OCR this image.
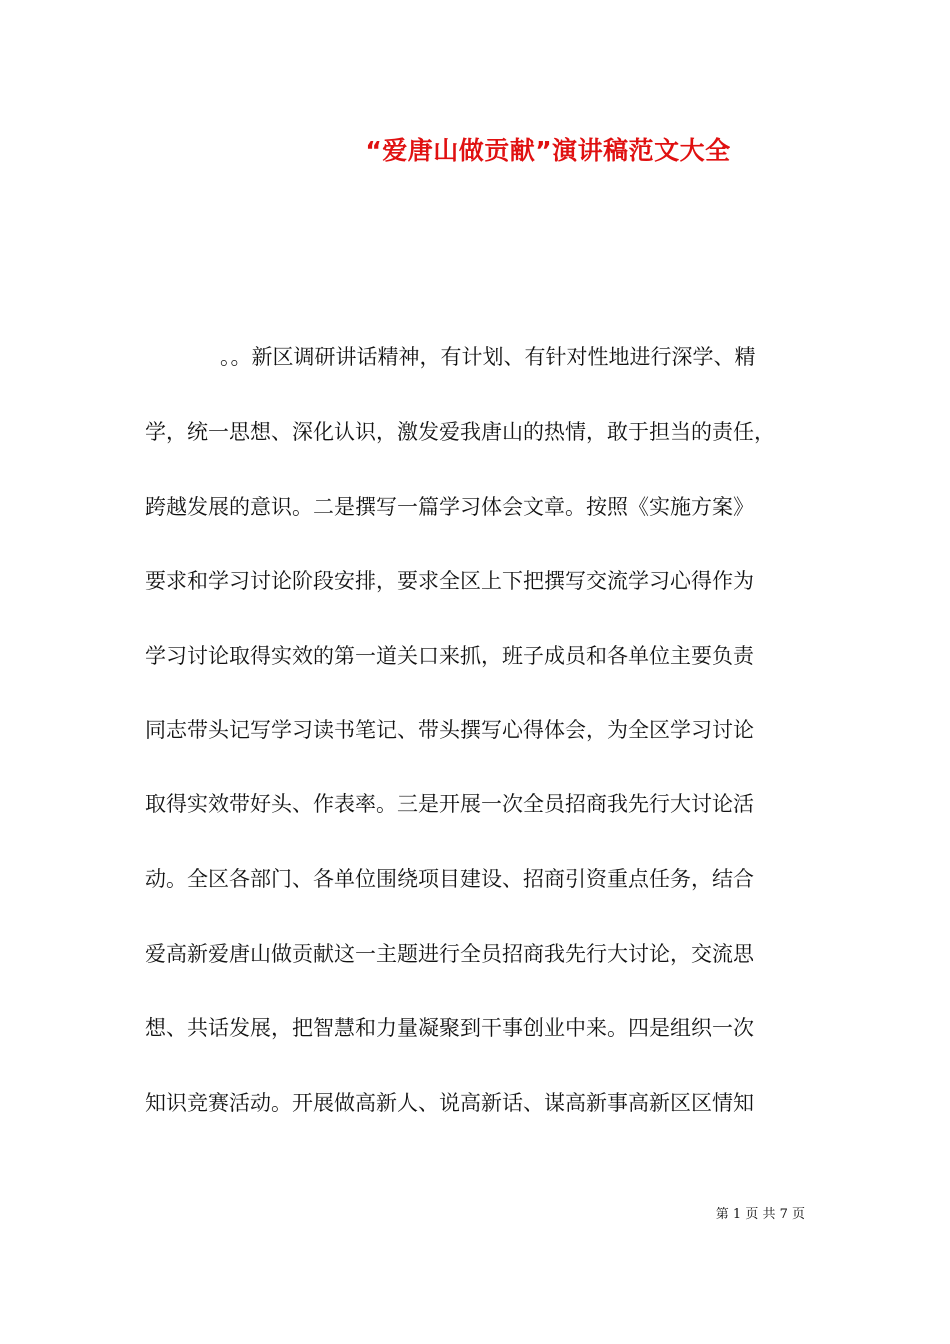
“爱唐山做贡献”演讲稿范文大全
。。新区调研讲话精神，有计划、有针对性地进行深学、精
学，统一思想、深化认识，激发爱我唐山的热情，敢于担当的责任，
跨越发展的意识。二是撰写一篇学习体会文章。按照《实施方案》
要求和学习讨论阶段安排，要求全区上下把撰写交流学习心得作为
学习讨论取得实效的第一道关口来抓，班子成员和各单位主要负责
同志带头记写学习读书笔记、带头撰写心得体会，为全区学习讨论
取得实效带好头、作表率。三是开展一次全员招商我先行大讨论活
动。全区各部门、各单位围绕项目建设、招商引资重点任务，结合
爱高新爱唐山做贡献这一主题进行全员招商我先行大讨论，交流思
想、共话发展，把智慧和力量凝聚到干事创业中来。四是组织一次
知识竞赛活动。开展做高新人、说高新话、谋高新事高新区区情知
第 1 页 共 7 页
